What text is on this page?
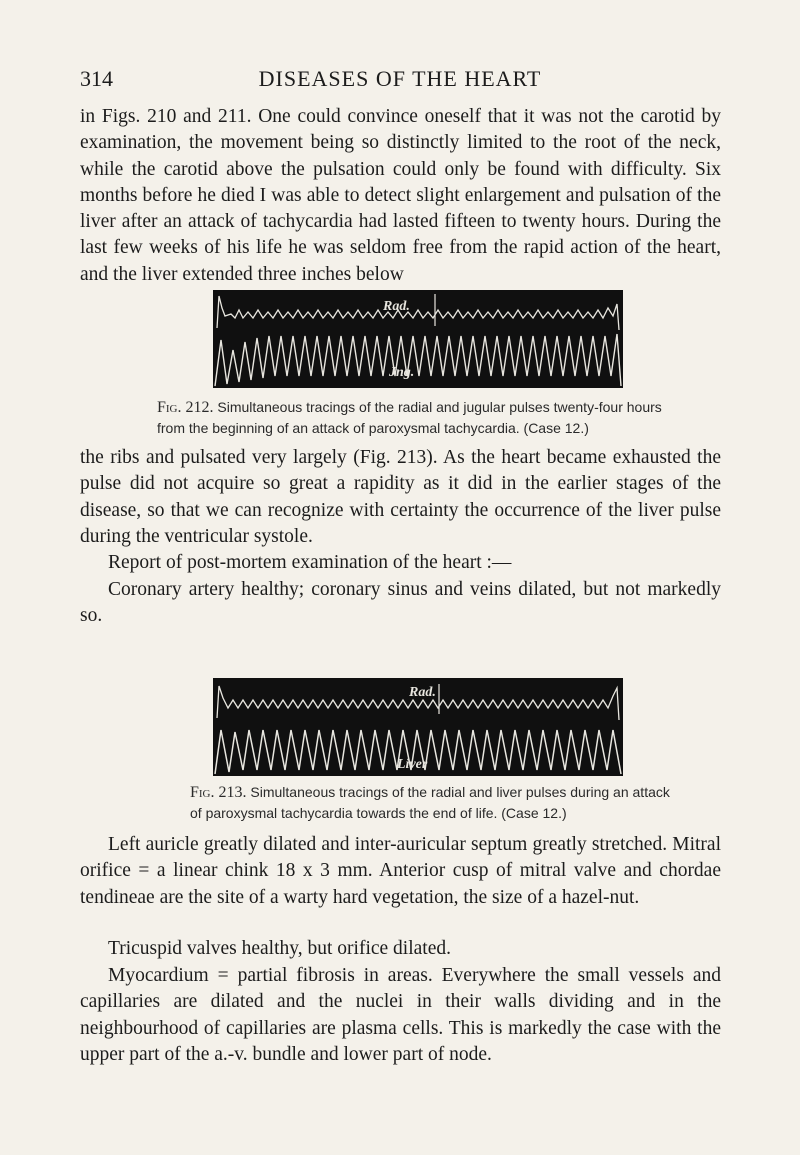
314	DISEASES OF THE HEART

in Figs. 210 and 211. One could convince oneself that it was not the carotid by examination, the movement being so distinctly limited to the root of the neck, while the carotid above the pulsation could only be found with difficulty. Six months before he died I was able to detect slight enlargement and pulsation of the liver after an attack of tachycardia had lasted fifteen to twenty hours. During the last few weeks of his life he was seldom free from the rapid action of the heart, and the liver extended three inches below

Rad.
Jng.
Fig. 212. Simultaneous tracings of the radial and jugular pulses twenty-four hours from the beginning of an attack of paroxysmal tachycardia. (Case 12.)

the ribs and pulsated very largely (Fig. 213). As the heart became exhausted the pulse did not acquire so great a rapidity as it did in the earlier stages of the disease, so that we can recognize with certainty the occurrence of the liver pulse during the ventricular systole.

Report of post-mortem examination of the heart :—

Coronary artery healthy; coronary sinus and veins dilated, but not markedly so.

Rad.
Liver
Fig. 213. Simultaneous tracings of the radial and liver pulses during an attack of paroxysmal tachycardia towards the end of life. (Case 12.)

Left auricle greatly dilated and inter-auricular septum greatly stretched. Mitral orifice = a linear chink 18 x 3 mm. Anterior cusp of mitral valve and chordae tendineae are the site of a warty hard vegetation, the size of a hazel-nut.

Tricuspid valves healthy, but orifice dilated.

Myocardium = partial fibrosis in areas. Everywhere the small vessels and capillaries are dilated and the nuclei in their walls dividing and in the neighbourhood of capillaries are plasma cells. This is markedly the case with the upper part of the a.-v. bundle and lower part of node.
